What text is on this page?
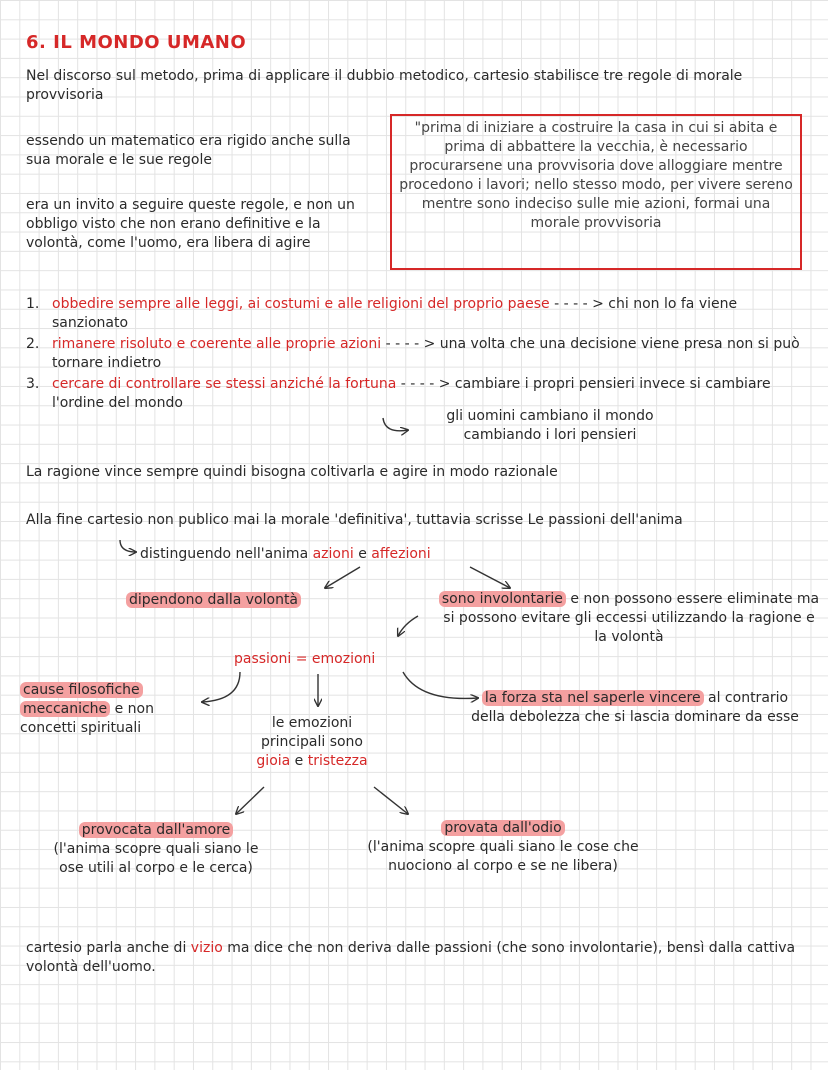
6. IL MONDO UMANO
Nel discorso sul metodo, prima di applicare il dubbio metodico, cartesio stabilisce tre regole di morale provvisoria
essendo un matematico era rigido anche sulla sua morale e le sue regole
era un invito a seguire queste regole, e non un obbligo visto che non erano definitive e la volontà, come l'uomo, era libera di agire
"prima di iniziare a costruire la casa in cui si abita e prima di abbattere la vecchia, è necessario procurarsene una provvisoria dove alloggiare mentre procedono i lavori; nello stesso modo, per vivere sereno mentre sono indeciso sulle mie azioni, formai una morale provvisoria
1. obbedire sempre alle leggi, ai costumi e alle religioni del proprio paese - - - - > chi non lo fa viene sanzionato
2. rimanere risoluto e coerente alle proprie azioni - - - - > una volta che una decisione viene presa non si può tornare indietro
3. cercare di controllare se stessi anziché la fortuna - - - - > cambiare i propri pensieri invece si cambiare l'ordine del mondo
gli uomini cambiano il mondo cambiando i lori pensieri
La ragione vince sempre quindi bisogna coltivarla e agire in modo razionale
Alla fine cartesio non publico mai la morale 'definitiva', tuttavia scrisse Le passioni dell'anima
distinguendo nell'anima azioni e affezioni
dipendono dalla volontà	sono involontarie e non possono essere eliminate ma si possono evitare gli eccessi utilizzando la ragione e la volontà
passioni = emozioni
cause filosofiche
meccaniche e non
concetti spirituali
la forza sta nel saperle vincere al contrario della debolezza che si lascia dominare da esse
le emozioni
principali sono
gioia e tristezza
provocata dall'amore
(l'anima scopre quali siano le
ose utili al corpo e le cerca)
provata dall'odio
(l'anima scopre quali siano le cose che
nuociono al corpo e se ne libera)
cartesio parla anche di vizio ma dice che non deriva dalle passioni (che sono involontarie), bensì dalla cattiva volontà dell'uomo.
